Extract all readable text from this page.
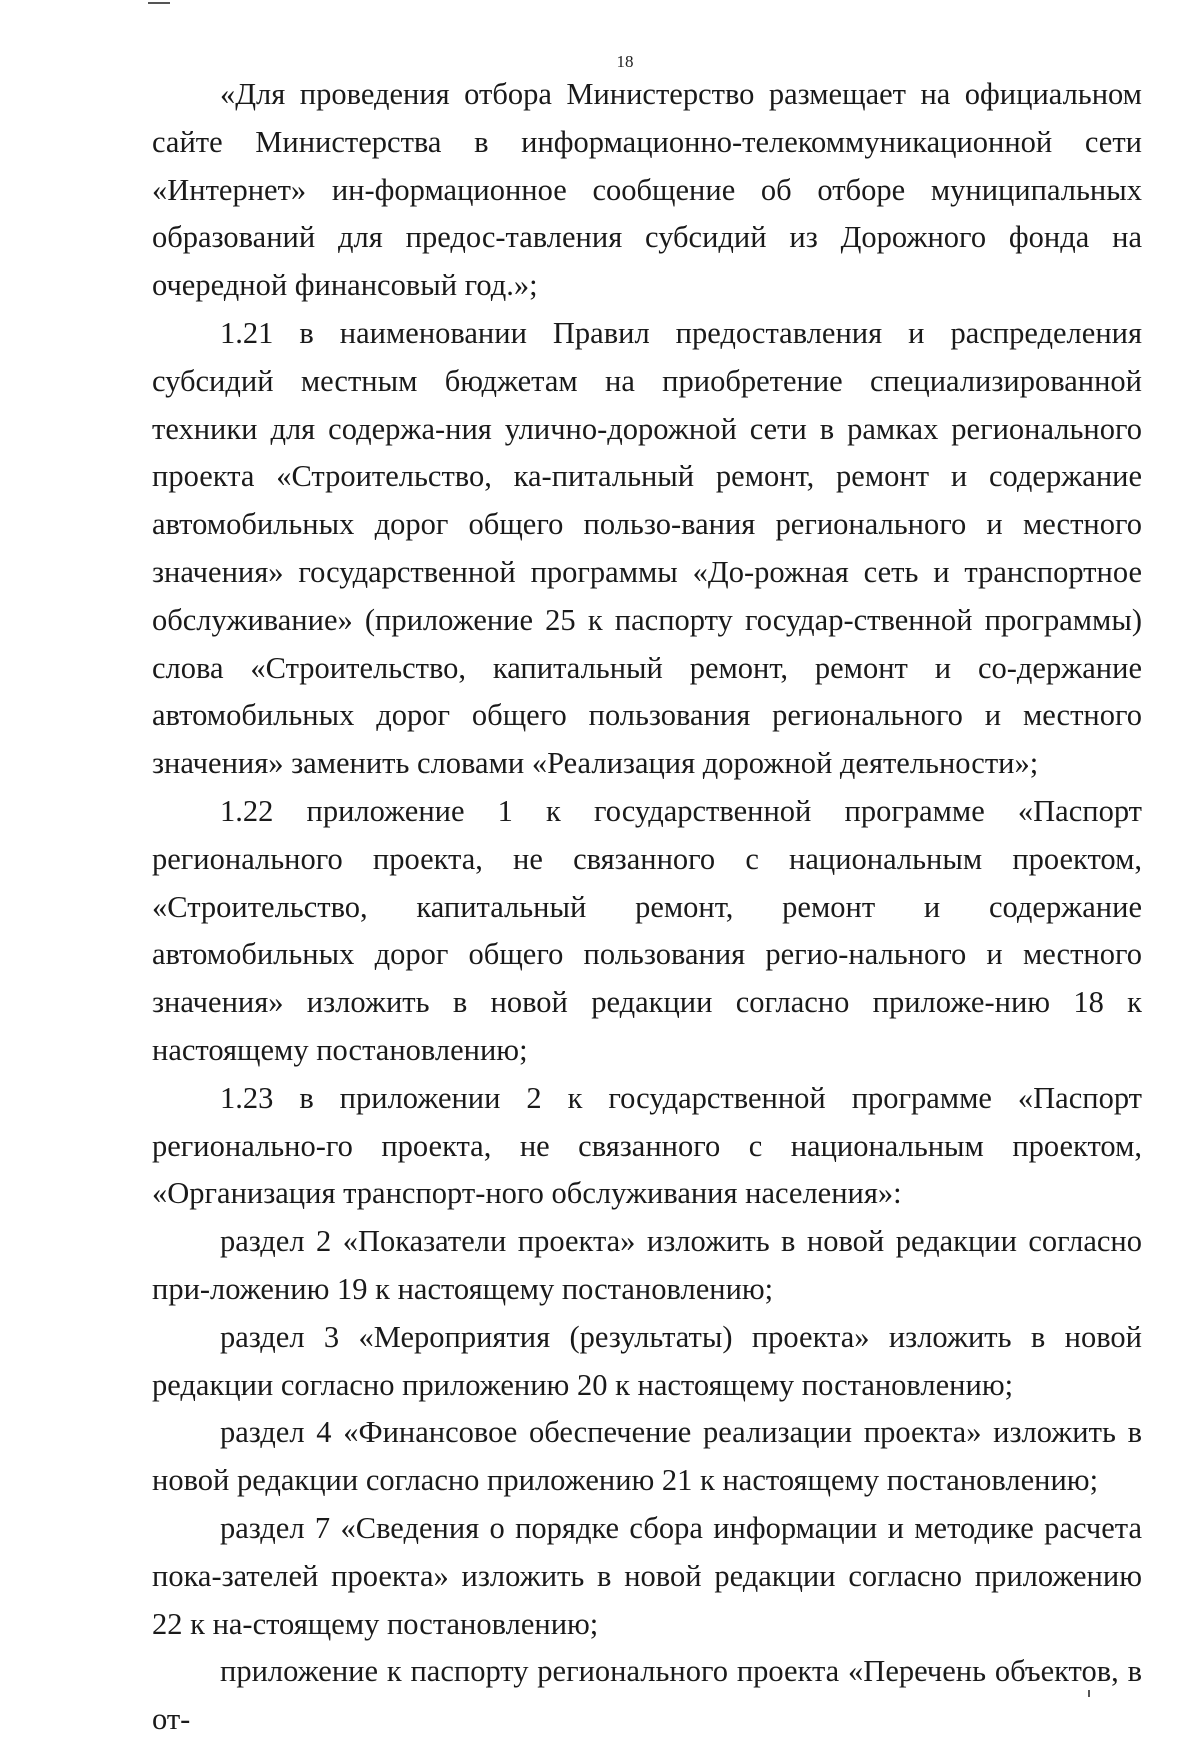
18

«Для проведения отбора Министерство размещает на официальном сайте Министерства в информационно-телекоммуникационной сети «Интернет» ин-формационное сообщение об отборе муниципальных образований для предос-тавления субсидий из Дорожного фонда на очередной финансовый год.»;

1.21 в наименовании Правил предоставления и распределения субсидий местным бюджетам на приобретение специализированной техники для содержа-ния улично-дорожной сети в рамках регионального проекта «Строительство, ка-питальный ремонт, ремонт и содержание автомобильных дорог общего пользо-вания регионального и местного значения» государственной программы «До-рожная сеть и транспортное обслуживание» (приложение 25 к паспорту государ-ственной программы) слова «Строительство, капитальный ремонт, ремонт и со-держание автомобильных дорог общего пользования регионального и местного значения» заменить словами «Реализация дорожной деятельности»;

1.22 приложение 1 к государственной программе «Паспорт регионального проекта, не связанного с национальным проектом, «Строительство, капитальный ремонт, ремонт и содержание автомобильных дорог общего пользования регио-нального и местного значения» изложить в новой редакции согласно приложе-нию 18 к настоящему постановлению;

1.23 в приложении 2 к государственной программе «Паспорт регионально-го проекта, не связанного с национальным проектом, «Организация транспорт-ного обслуживания населения»:

раздел 2 «Показатели проекта» изложить в новой редакции согласно при-ложению 19 к настоящему постановлению;

раздел 3 «Мероприятия (результаты) проекта» изложить в новой редакции согласно приложению 20 к настоящему постановлению;

раздел 4 «Финансовое обеспечение реализации проекта» изложить в новой редакции согласно приложению 21 к настоящему постановлению;

раздел 7 «Сведения о порядке сбора информации и методике расчета пока-зателей проекта» изложить в новой редакции согласно приложению 22 к на-стоящему постановлению;

приложение к паспорту регионального проекта «Перечень объектов, в от-
